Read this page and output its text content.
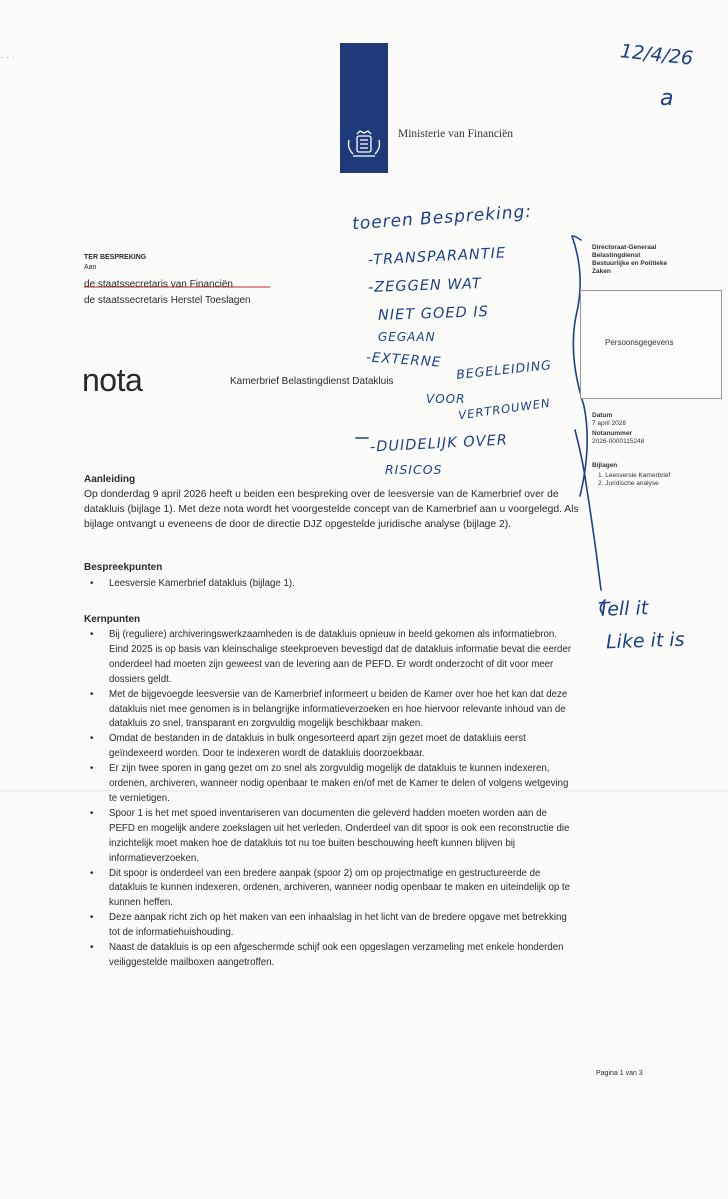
· · ·
Ministerie van Financiën
12/4/26
a
toeren Bespreking:
-TRANSPARANTIE
-ZEGGEN WAT
NIET GOED IS
GEGAAN
-EXTERNE BEGELEIDING
VOOR
VERTROUWEN
-DUIDELIJK OVER
RISICOS
Tell it
Like it is
TER BESPREKING
Aan
de staatssecretaris van Financiën
de staatssecretaris Herstel Toeslagen
nota	Kamerbrief Belastingdienst Datakluis
Directoraat-Generaal
Belastingdienst
Bestuurlijke en Politieke
Zaken
Persoonsgegevens
Datum
7 april 2026
Notanummer
2026-0000115248
Bijlagen
1. Leesversie Kamerbrief
2. Juridische analyse
Aanleiding
Op donderdag 9 april 2026 heeft u beiden een bespreking over de leesversie van de Kamerbrief over de datakluis (bijlage 1). Met deze nota wordt het voorgestelde concept van de Kamerbrief aan u voorgelegd. Als bijlage ontvangt u eveneens de door de directie DJZ opgestelde juridische analyse (bijlage 2).
Bespreekpunten
• Leesversie Kamerbrief datakluis (bijlage 1).
Kernpunten
• Bij (reguliere) archiveringswerkzaamheden is de datakluis opnieuw in beeld gekomen als informatiebron. Eind 2025 is op basis van kleinschalige steekproeven bevestigd dat de datakluis informatie bevat die eerder onderdeel had moeten zijn geweest van de levering aan de PEFD. Er wordt onderzocht of dit voor meer dossiers geldt.
• Met de bijgevoegde leesversie van de Kamerbrief informeert u beiden de Kamer over hoe het kan dat deze datakluis niet mee genomen is in belangrijke informatieverzoeken en hoe hiervoor relevante inhoud van de datakluis zo snel, transparant en zorgvuldig mogelijk beschikbaar maken.
• Omdat de bestanden in de datakluis in bulk ongesorteerd apart zijn gezet moet de datakluis eerst geïndexeerd worden. Door te indexeren wordt de datakluis doorzoekbaar.
• Er zijn twee sporen in gang gezet om zo snel als zorgvuldig mogelijk de datakluis te kunnen indexeren, ordenen, archiveren, wanneer nodig openbaar te maken en/of met de Kamer te delen of volgens wetgeving te vernietigen.
• Spoor 1 is het met spoed inventariseren van documenten die geleverd hadden moeten worden aan de PEFD en mogelijk andere zoekslagen uit het verleden. Onderdeel van dit spoor is ook een reconstructie die inzichtelijk moet maken hoe de datakluis tot nu toe buiten beschouwing heeft kunnen blijven bij informatieverzoeken.
• Dit spoor is onderdeel van een bredere aanpak (spoor 2) om op projectmatige en gestructureerde de datakluis te kunnen indexeren, ordenen, archiveren, wanneer nodig openbaar te maken en uiteindelijk op te kunnen heffen.
• Deze aanpak richt zich op het maken van een inhaalslag in het licht van de bredere opgave met betrekking tot de informatiehuishouding.
• Naast de datakluis is op een afgeschermde schijf ook een opgeslagen verzameling met enkele honderden veiliggestelde mailboxen aangetroffen.
Pagina 1 van 3
